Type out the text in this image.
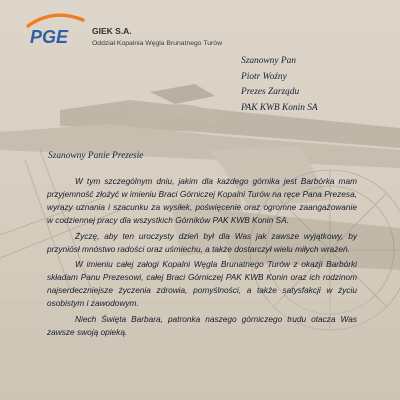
PGE	GIEK S.A.
Oddział Kopalnia Węgla Brunatnego Turów
Szanowny Pan
Piotr Woźny
Prezes Zarządu
PAK KWB Konin SA
Szanowny Panie Prezesie

W tym szczególnym dniu, jakim dla każdego górnika jest Barbórka mam przyjemność złożyć w imieniu Braci Górniczej Kopalni Turów na ręce Pana Prezesa, wyrazy uznania i szacunku za wysiłek, poświęcenie oraz ogromne zaangażowanie w codziennej pracy dla wszystkich Górników PAK KWB Konin SA.

Życzę, aby ten uroczysty dzień był dla Was jak zawsze wyjątkowy, by przyniósł mnóstwo radości oraz uśmiechu, a także dostarczył wielu miłych wrażeń.

W imieniu całej załogi Kopalni Węgla Brunatnego Turów z okazji Barbórki składam Panu Prezesowi, całej Braci Górniczej PAK KWB Konin oraz ich rodzinom najserdeczniejsze życzenia zdrowia, pomyślności, a także satysfakcji w życiu osobistym i zawodowym.

Niech Święta Barbara, patronka naszego górniczego trudu otacza Was zawsze swoją opieką.
